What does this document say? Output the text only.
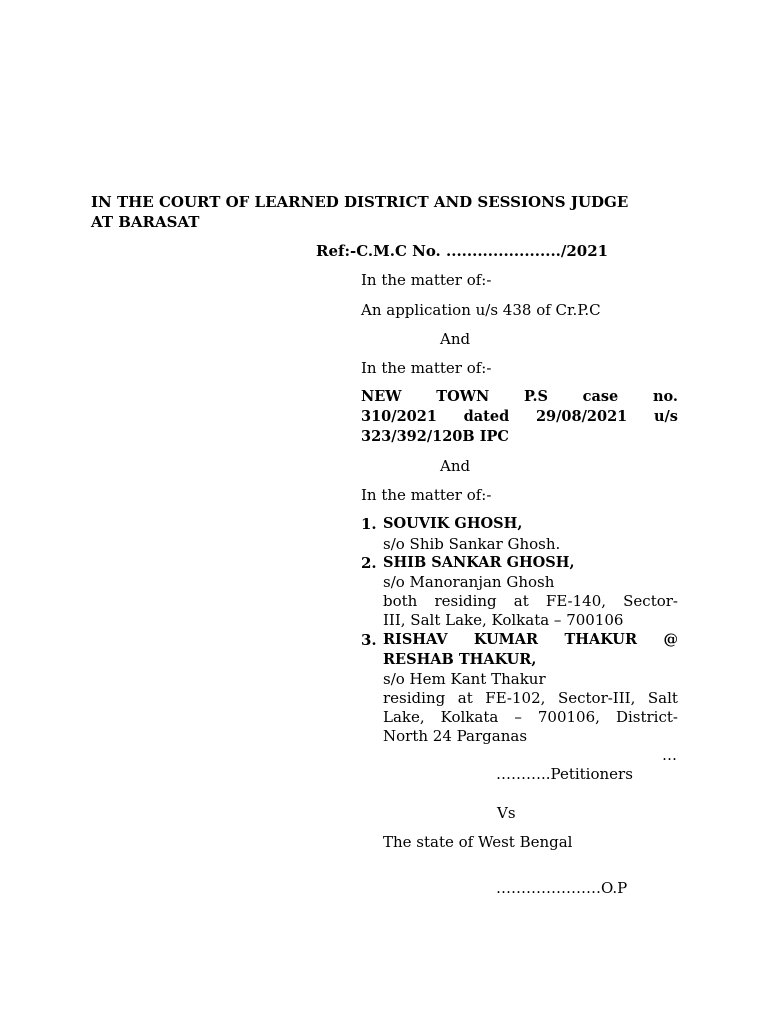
IN THE COURT OF LEARNED DISTRICT AND SESSIONS JUDGE
AT BARASAT
Ref:-C.M.C No. ....................../2021
In the matter of:-
An application u/s 438 of Cr.P.C
And
In the matter of:-
NEW TOWN P.S case no.
310/2021 dated 29/08/2021 u/s
323/392/120B IPC
And
In the matter of:-
1. SOUVIK GHOSH,
s/o Shib Sankar Ghosh.
2. SHIB SANKAR GHOSH,
s/o Manoranjan Ghosh
both residing at FE-140, Sector-
III, Salt Lake, Kolkata – 700106
3. RISHAV KUMAR THAKUR @
RESHAB THAKUR,
s/o Hem Kant Thakur
residing at FE-102, Sector-III, Salt
Lake, Kolkata – 700106, District-
North 24 Parganas
…
………..Petitioners
Vs
The state of West Bengal
…………………O.P
